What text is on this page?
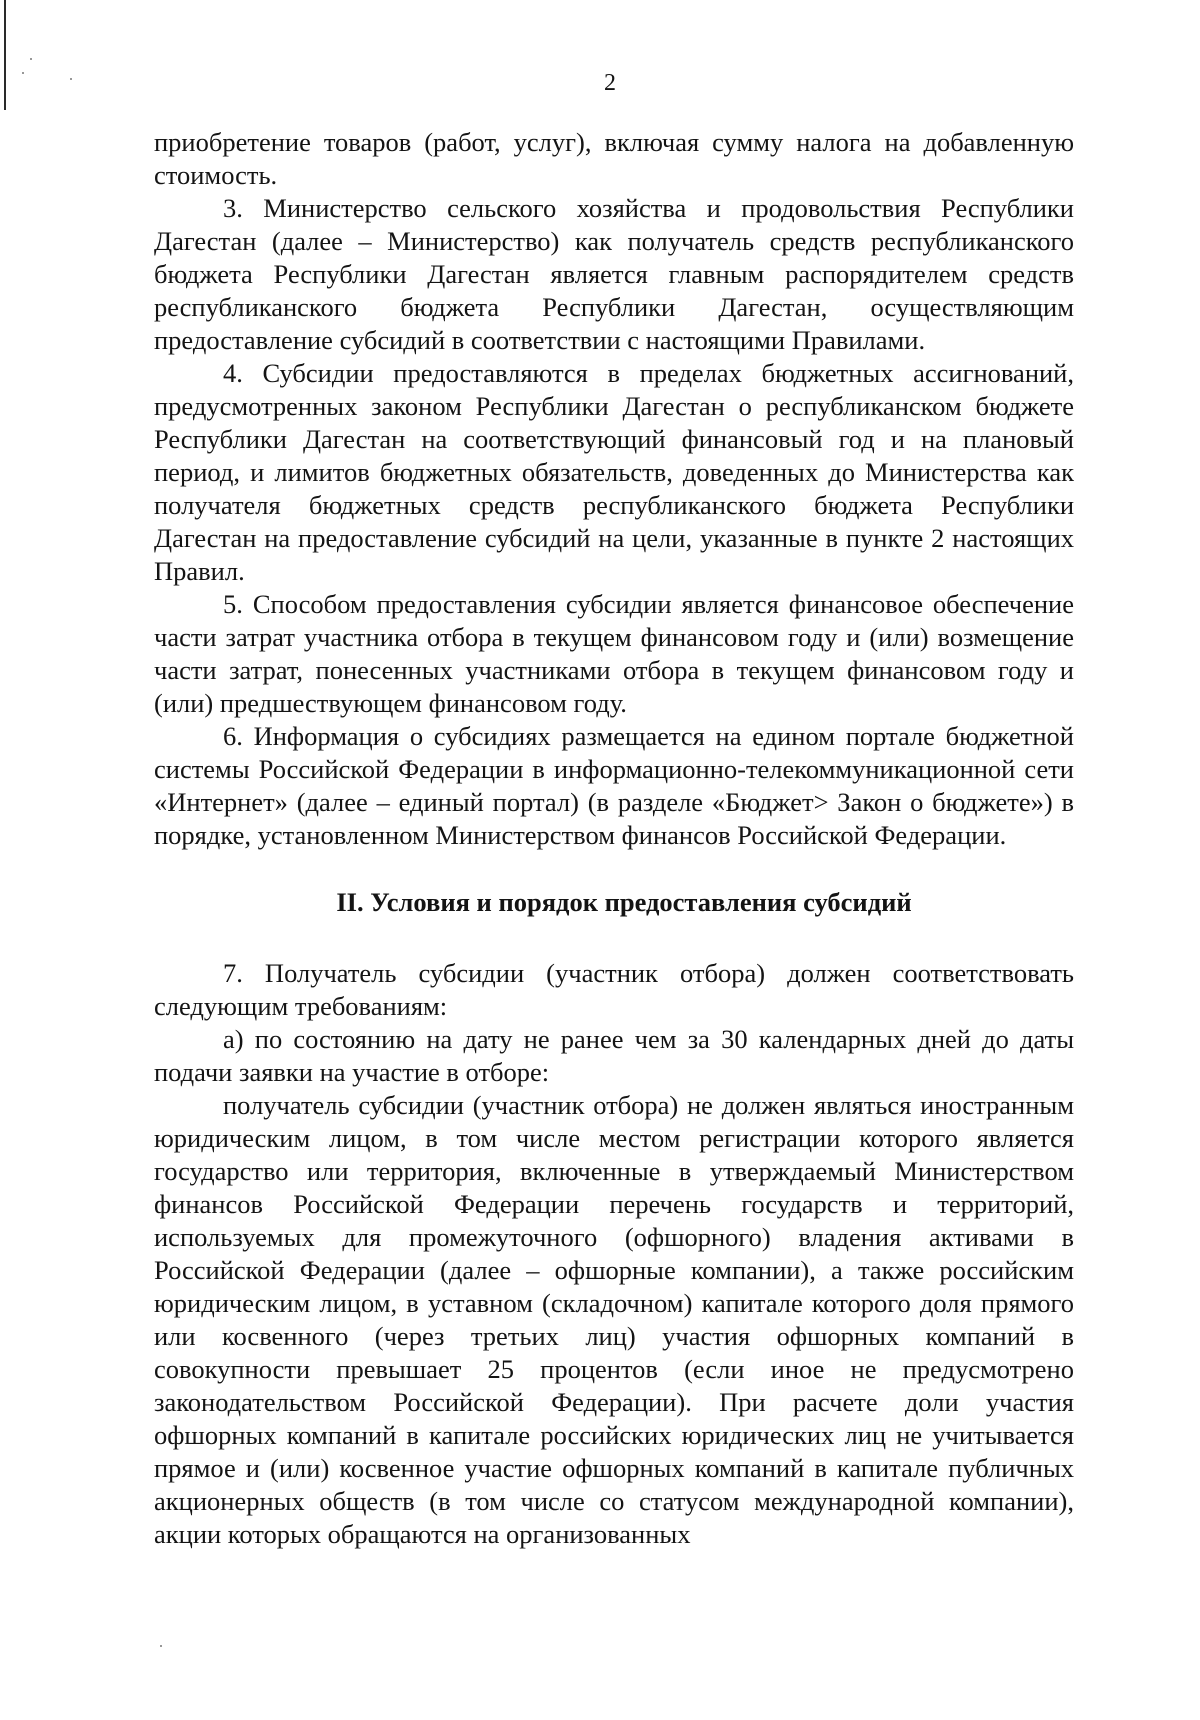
2

приобретение товаров (работ, услуг), включая сумму налога на добавленную стоимость.

3. Министерство сельского хозяйства и продовольствия Республики Дагестан (далее – Министерство) как получатель средств республиканского бюджета Республики Дагестан является главным распорядителем средств республиканского бюджета Республики Дагестан, осуществляющим предоставление субсидий в соответствии с настоящими Правилами.

4. Субсидии предоставляются в пределах бюджетных ассигнований, предусмотренных законом Республики Дагестан о республиканском бюджете Республики Дагестан на соответствующий финансовый год и на плановый период, и лимитов бюджетных обязательств, доведенных до Министерства как получателя бюджетных средств республиканского бюджета Республики Дагестан на предоставление субсидий на цели, указанные в пункте 2 настоящих Правил.

5. Способом предоставления субсидии является финансовое обеспечение части затрат участника отбора в текущем финансовом году и (или) возмещение части затрат, понесенных участниками отбора в текущем финансовом году и (или) предшествующем финансовом году.

6. Информация о субсидиях размещается на едином портале бюджетной системы Российской Федерации в информационно-телекоммуникационной сети «Интернет» (далее – единый портал) (в разделе «Бюджет> Закон о бюджете») в порядке, установленном Министерством финансов Российской Федерации.

II. Условия и порядок предоставления субсидий

7. Получатель субсидии (участник отбора) должен соответствовать следующим требованиям:

а) по состоянию на дату не ранее чем за 30 календарных дней до даты подачи заявки на участие в отборе:

получатель субсидии (участник отбора) не должен являться иностранным юридическим лицом, в том числе местом регистрации которого является государство или территория, включенные в утверждаемый Министерством финансов Российской Федерации перечень государств и территорий, используемых для промежуточного (офшорного) владения активами в Российской Федерации (далее – офшорные компании), а также российским юридическим лицом, в уставном (складочном) капитале которого доля прямого или косвенного (через третьих лиц) участия офшорных компаний в совокупности превышает 25 процентов (если иное не предусмотрено законодательством Российской Федерации). При расчете доли участия офшорных компаний в капитале российских юридических лиц не учитывается прямое и (или) косвенное участие офшорных компаний в капитале публичных акционерных обществ (в том числе со статусом международной компании), акции которых обращаются на организованных
